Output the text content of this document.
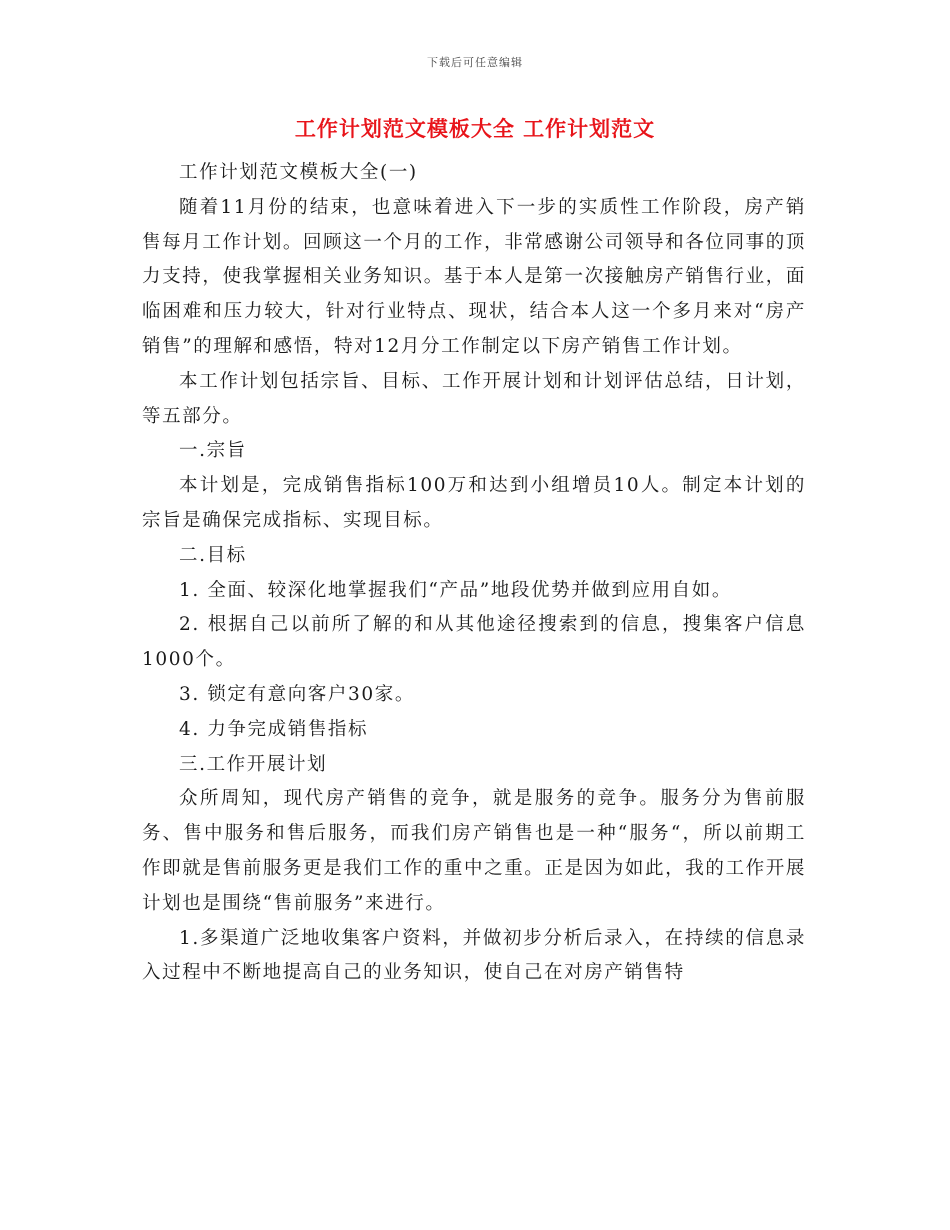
下载后可任意编辑
工作计划范文模板大全 工作计划范文

工作计划范文模板大全(一)

随着11月份的结束，也意味着进入下一步的实质性工作阶段，房产销售每月工作计划。回顾这一个月的工作，非常感谢公司领导和各位同事的顶力支持，使我掌握相关业务知识。基于本人是第一次接触房产销售行业，面临困难和压力较大，针对行业特点、现状，结合本人这一个多月来对“房产销售”的理解和感悟，特对12月分工作制定以下房产销售工作计划。

本工作计划包括宗旨、目标、工作开展计划和计划评估总结，日计划，等五部分。

一.宗旨

本计划是，完成销售指标100万和达到小组增员10人。制定本计划的宗旨是确保完成指标、实现目标。

二.目标

1. 全面、较深化地掌握我们“产品”地段优势并做到应用自如。

2. 根据自己以前所了解的和从其他途径搜索到的信息，搜集客户信息1000个。

3. 锁定有意向客户30家。

4. 力争完成销售指标

三.工作开展计划

众所周知，现代房产销售的竞争，就是服务的竞争。服务分为售前服务、售中服务和售后服务，而我们房产销售也是一种“服务“，所以前期工作即就是售前服务更是我们工作的重中之重。正是因为如此，我的工作开展计划也是围绕“售前服务”来进行。

1.多渠道广泛地收集客户资料，并做初步分析后录入，在持续的信息录入过程中不断地提高自己的业务知识，使自己在对房产销售特
